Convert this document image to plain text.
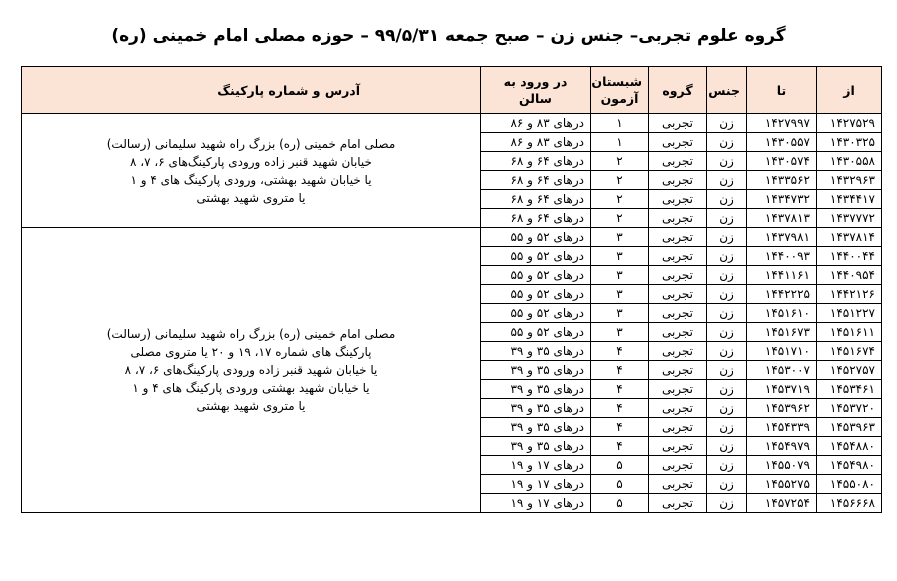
گروه علوم تجربی– جنس زن – صبح جمعه ۹۹/۵/۳۱ – حوزه مصلی امام خمینی (ره)
از	تا	جنس	گروه	شبستان آزمون	در ورود به سالن	آدرس و شماره پارکینگ
۱۴۲۷۵۲۹	۱۴۲۷۹۹۷	زن	تجربی	۱	درهای ۸۳ و ۸۶	مصلی امام خمینی (ره) بزرگ راه شهید سلیمانی (رسالت)
خیابان شهید قنبر زاده ورودی پارکینگ‌های ۶، ۷، ۸
یا خیابان شهید بهشتی، ورودی پارکینگ های ۴ و ۱
یا متروی شهید بهشتی

۱۴۳۰۳۲۵	۱۴۳۰۵۵۷	زن	تجربی	۱	درهای ۸۳ و ۸۶	
۱۴۳۰۵۵۸	۱۴۳۰۵۷۴	زن	تجربی	۲	درهای ۶۴ و ۶۸	
۱۴۳۲۹۶۳	۱۴۳۳۵۶۲	زن	تجربی	۲	درهای ۶۴ و ۶۸	
۱۴۳۴۴۱۷	۱۴۳۴۷۳۲	زن	تجربی	۲	درهای ۶۴ و ۶۸	
۱۴۳۷۷۷۲	۱۴۳۷۸۱۳	زن	تجربی	۲	درهای ۶۴ و ۶۸	
۱۴۳۷۸۱۴	۱۴۳۷۹۸۱	زن	تجربی	۳	درهای ۵۲ و ۵۵	مصلی امام خمینی (ره) بزرگ راه شهید سلیمانی (رسالت)
پارکینگ های شماره ۱۷، ۱۹ و ۲۰ یا متروی مصلی
یا خیابان شهید قنبر زاده ورودی پارکینگ‌های ۶، ۷، ۸
یا خیابان شهید بهشتی ورودی پارکینگ های ۴ و ۱
یا متروی شهید بهشتی

۱۴۴۰۰۴۴	۱۴۴۰۰۹۳	زن	تجربی	۳	درهای ۵۲ و ۵۵	
۱۴۴۰۹۵۴	۱۴۴۱۱۶۱	زن	تجربی	۳	درهای ۵۲ و ۵۵	
۱۴۴۲۱۲۶	۱۴۴۲۲۲۵	زن	تجربی	۳	درهای ۵۲ و ۵۵	
۱۴۵۱۲۲۷	۱۴۵۱۶۱۰	زن	تجربی	۳	درهای ۵۲ و ۵۵	
۱۴۵۱۶۱۱	۱۴۵۱۶۷۳	زن	تجربی	۳	درهای ۵۲ و ۵۵	
۱۴۵۱۶۷۴	۱۴۵۱۷۱۰	زن	تجربی	۴	درهای ۳۵ و ۳۹	
۱۴۵۲۷۵۷	۱۴۵۳۰۰۷	زن	تجربی	۴	درهای ۳۵ و ۳۹	
۱۴۵۳۴۶۱	۱۴۵۳۷۱۹	زن	تجربی	۴	درهای ۳۵ و ۳۹	
۱۴۵۳۷۲۰	۱۴۵۳۹۶۲	زن	تجربی	۴	درهای ۳۵ و ۳۹	
۱۴۵۳۹۶۳	۱۴۵۴۳۳۹	زن	تجربی	۴	درهای ۳۵ و ۳۹	
۱۴۵۴۸۸۰	۱۴۵۴۹۷۹	زن	تجربی	۴	درهای ۳۵ و ۳۹	
۱۴۵۴۹۸۰	۱۴۵۵۰۷۹	زن	تجربی	۵	درهای ۱۷ و ۱۹	
۱۴۵۵۰۸۰	۱۴۵۵۲۷۵	زن	تجربی	۵	درهای ۱۷ و ۱۹	
۱۴۵۶۶۶۸	۱۴۵۷۲۵۴	زن	تجربی	۵	درهای ۱۷ و ۱۹	
